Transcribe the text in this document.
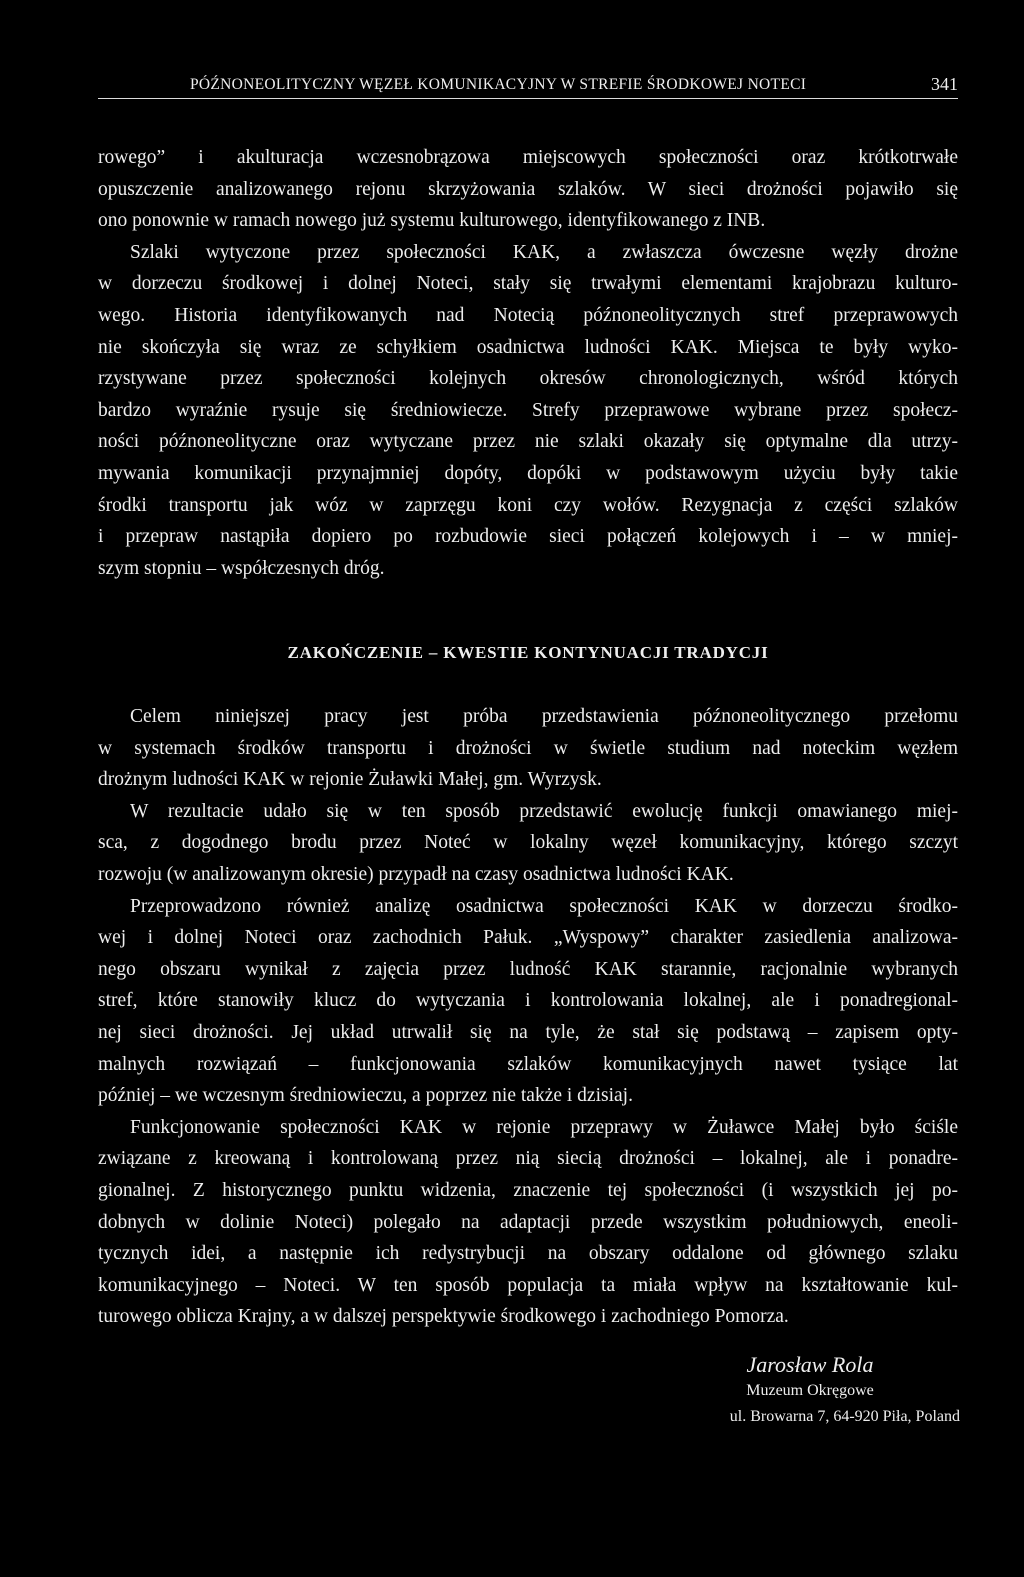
PÓŹNONEOLITYCZNY WĘZEŁ KOMUNIKACYJNY W STREFIE ŚRODKOWEJ NOTECI	341
rowego” i akulturacja wczesnobrązowa miejscowych społeczności oraz krótkotrwałe
opuszczenie analizowanego rejonu skrzyżowania szlaków. W sieci drożności pojawiło się
ono ponownie w ramach nowego już systemu kulturowego, identyfikowanego z INB.
Szlaki wytyczone przez społeczności KAK, a zwłaszcza ówczesne węzły drożne
w dorzeczu środkowej i dolnej Noteci, stały się trwałymi elementami krajobrazu kulturo-
wego. Historia identyfikowanych nad Notecią późnoneolitycznych stref przeprawowych
nie skończyła się wraz ze schyłkiem osadnictwa ludności KAK. Miejsca te były wyko-
rzystywane przez społeczności kolejnych okresów chronologicznych, wśród których
bardzo wyraźnie rysuje się średniowiecze. Strefy przeprawowe wybrane przez społecz-
ności późnoneolityczne oraz wytyczane przez nie szlaki okazały się optymalne dla utrzy-
mywania komunikacji przynajmniej dopóty, dopóki w podstawowym użyciu były takie
środki transportu jak wóz w zaprzęgu koni czy wołów. Rezygnacja z części szlaków
i przepraw nastąpiła dopiero po rozbudowie sieci połączeń kolejowych i – w mniej-
szym stopniu – współczesnych dróg.
ZAKOŃCZENIE – KWESTIE KONTYNUACJI TRADYCJI
Celem niniejszej pracy jest próba przedstawienia późnoneolitycznego przełomu
w systemach środków transportu i drożności w świetle studium nad noteckim węzłem
drożnym ludności KAK w rejonie Żuławki Małej, gm. Wyrzysk.
W rezultacie udało się w ten sposób przedstawić ewolucję funkcji omawianego miej-
sca, z dogodnego brodu przez Noteć w lokalny węzeł komunikacyjny, którego szczyt
rozwoju (w analizowanym okresie) przypadł na czasy osadnictwa ludności KAK.
Przeprowadzono również analizę osadnictwa społeczności KAK w dorzeczu środko-
wej i dolnej Noteci oraz zachodnich Pałuk. „Wyspowy” charakter zasiedlenia analizowa-
nego obszaru wynikał z zajęcia przez ludność KAK starannie, racjonalnie wybranych
stref, które stanowiły klucz do wytyczania i kontrolowania lokalnej, ale i ponadregional-
nej sieci drożności. Jej układ utrwalił się na tyle, że stał się podstawą – zapisem opty-
malnych rozwiązań – funkcjonowania szlaków komunikacyjnych nawet tysiące lat
później – we wczesnym średniowieczu, a poprzez nie także i dzisiaj.
Funkcjonowanie społeczności KAK w rejonie przeprawy w Żuławce Małej było ściśle
związane z kreowaną i kontrolowaną przez nią siecią drożności – lokalnej, ale i ponadre-
gionalnej. Z historycznego punktu widzenia, znaczenie tej społeczności (i wszystkich jej po-
dobnych w dolinie Noteci) polegało na adaptacji przede wszystkim południowych, eneoli-
tycznych idei, a następnie ich redystrybucji na obszary oddalone od głównego szlaku
komunikacyjnego – Noteci. W ten sposób populacja ta miała wpływ na kształtowanie kul-
turowego oblicza Krajny, a w dalszej perspektywie środkowego i zachodniego Pomorza.
Jarosław Rola
Muzeum Okręgowe
ul. Browarna 7, 64-920 Piła, Poland
